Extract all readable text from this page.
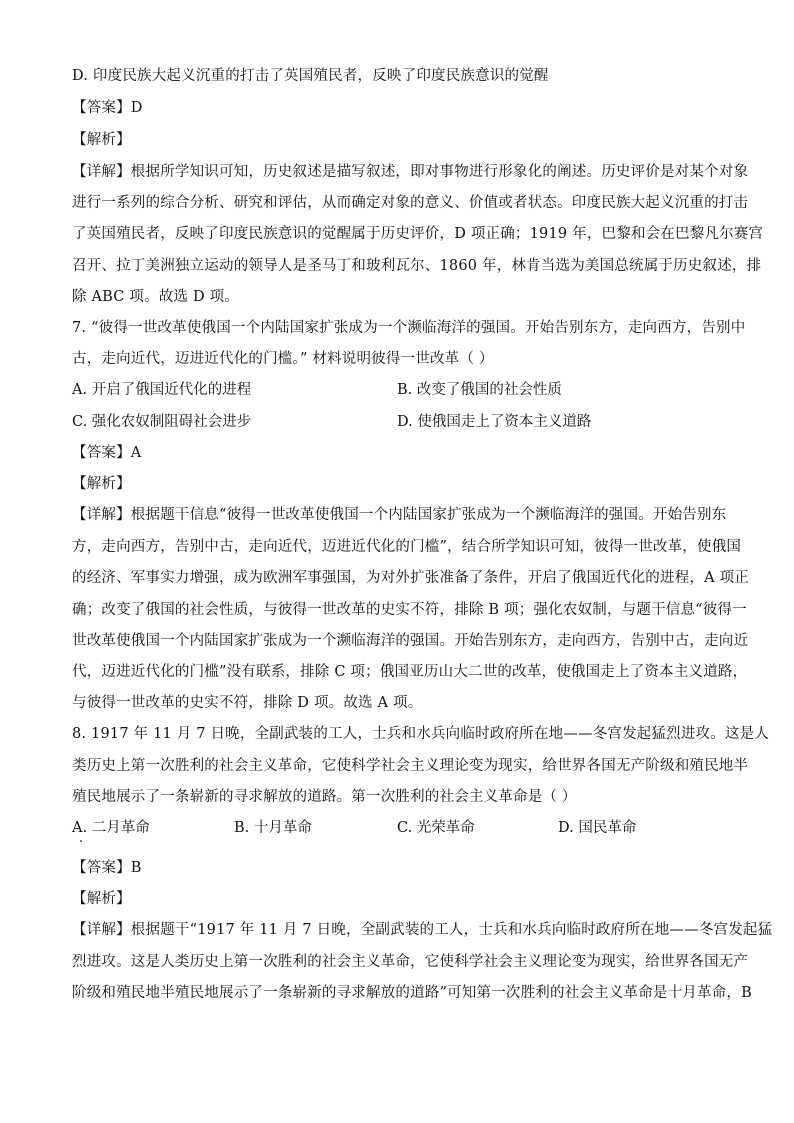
D. 印度民族大起义沉重的打击了英国殖民者，反映了印度民族意识的觉醒
【答案】D
【解析】
【详解】根据所学知识可知，历史叙述是描写叙述，即对事物进行形象化的阐述。历史评价是对某个对象
进行一系列的综合分析、研究和评估，从而确定对象的意义、价值或者状态。印度民族大起义沉重的打击
了英国殖民者，反映了印度民族意识的觉醒属于历史评价，D 项正确；1919 年，巴黎和会在巴黎凡尔赛宫
召开、拉丁美洲独立运动的领导人是圣马丁和玻利瓦尔、1860 年，林肯当选为美国总统属于历史叙述，排
除 ABC 项。故选 D 项。
7. “彼得一世改革使俄国一个内陆国家扩张成为一个濒临海洋的强国。开始告别东方，走向西方，告别中
古，走向近代，迈进近代化的门槛。” 材料说明彼得一世改革（ ）
A. 开启了俄国近代化的进程	B. 改变了俄国的社会性质
C. 强化农奴制阻碍社会进步	D. 使俄国走上了资本主义道路
【答案】A
【解析】
【详解】根据题干信息“彼得一世改革使俄国一个内陆国家扩张成为一个濒临海洋的强国。开始告别东
方，走向西方，告别中古，走向近代，迈进近代化的门槛”，结合所学知识可知，彼得一世改革，使俄国
的经济、军事实力增强，成为欧洲军事强国，为对外扩张准备了条件，开启了俄国近代化的进程，A 项正
确；改变了俄国的社会性质，与彼得一世改革的史实不符，排除 B 项；强化农奴制，与题干信息“彼得一
世改革使俄国一个内陆国家扩张成为一个濒临海洋的强国。开始告别东方，走向西方，告别中古，走向近
代，迈进近代化的门槛”没有联系，排除 C 项；俄国亚历山大二世的改革，使俄国走上了资本主义道路，
与彼得一世改革的史实不符，排除 D 项。故选 A 项。
8. 1917 年 11 月 7 日晚，全副武装的工人，士兵和水兵向临时政府所在地——冬宫发起猛烈进攻。这是人
类历史上第一次胜利的社会主义革命，它使科学社会主义理论变为现实，给世界各国无产阶级和殖民地半
殖民地展示了一条崭新的寻求解放的道路。第一次胜利的社会主义革命是（ ）
A. 二月革命	B. 十月革命	C. 光荣革命	D. 国民革命
【答案】B
【解析】
【详解】根据题干“1917 年 11 月 7 日晚，全副武装的工人，士兵和水兵向临时政府所在地——冬宫发起猛
烈进攻。这是人类历史上第一次胜利的社会主义革命，它使科学社会主义理论变为现实，给世界各国无产
阶级和殖民地半殖民地展示了一条崭新的寻求解放的道路”可知第一次胜利的社会主义革命是十月革命，B
